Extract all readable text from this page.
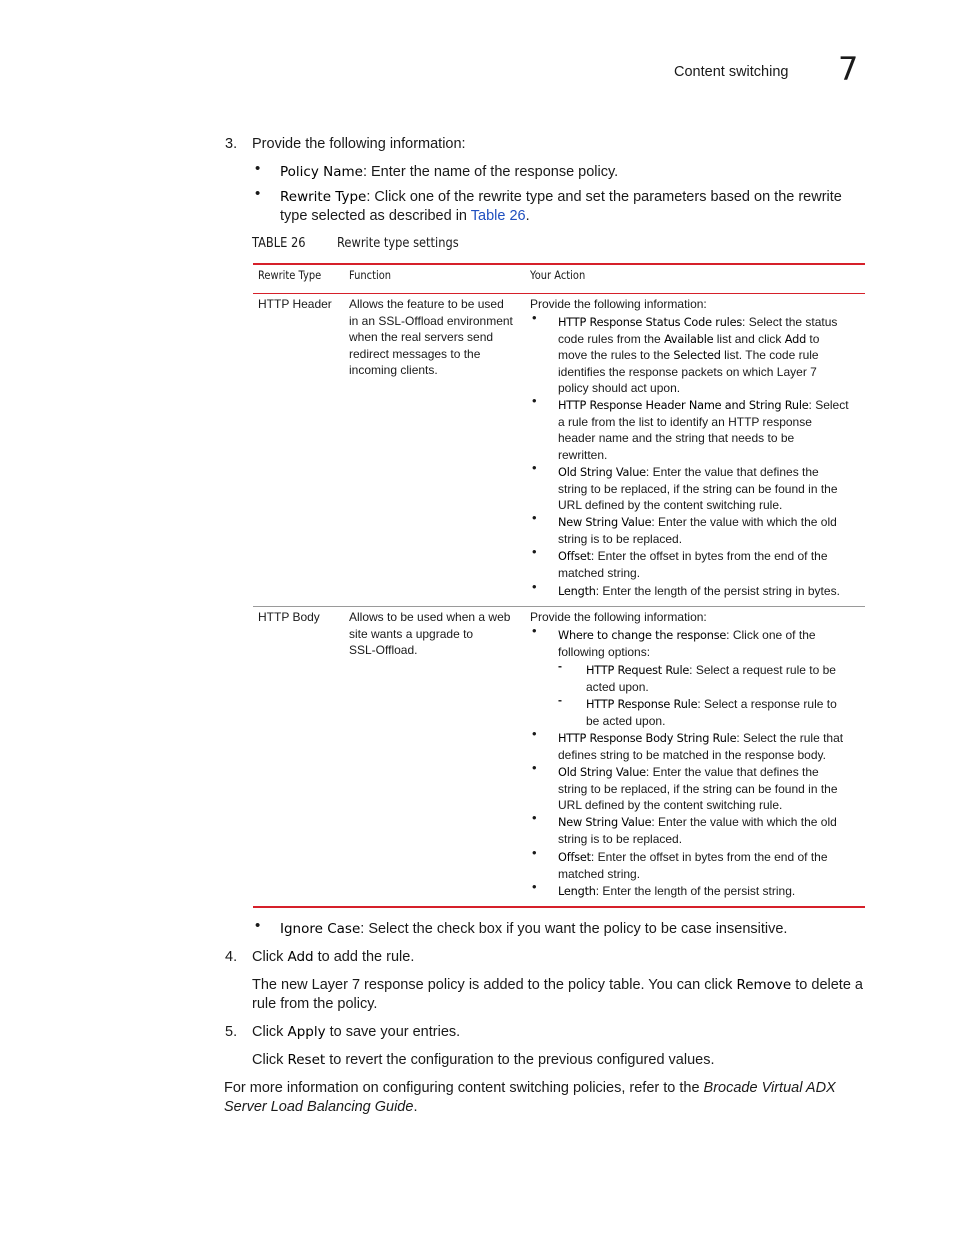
Content switching 7
3. Provide the following information:
• Policy Name: Enter the name of the response policy.
• Rewrite Type: Click one of the rewrite type and set the parameters based on the rewrite
type selected as described in Table 26.
TABLE 26 Rewrite type settings
Rewrite Type Function	Your Action
HTTP Header Allows the feature to be used
in an SSL-Offload environment
when the real servers send
redirect messages to the
incoming clients.
Provide the following information:
• HTTP Response Status Code rules: Select the status
code rules from the Available list and click Add to
move the rules to the Selected list. The code rule
identifies the response packets on which Layer 7
policy should act upon.
• HTTP Response Header Name and String Rule: Select
a rule from the list to identify an HTTP response
header name and the string that needs to be
rewritten.
• Old String Value: Enter the value that defines the
string to be replaced, if the string can be found in the
URL defined by the content switching rule.
• New String Value: Enter the value with which the old
string is to be replaced.
• Offset: Enter the offset in bytes from the end of the
matched string.
• Length: Enter the length of the persist string in bytes.
HTTP Body Allows to be used when a web
site wants a upgrade to
SSL-Offload.
Provide the following information:
• Where to change the response: Click one of the
following options:
- HTTP Request Rule: Select a request rule to be
acted upon.
- HTTP Response Rule: Select a response rule to
be acted upon.
• HTTP Response Body String Rule: Select the rule that
defines string to be matched in the response body.
• Old String Value: Enter the value that defines the
string to be replaced, if the string can be found in the
URL defined by the content switching rule.
• New String Value: Enter the value with which the old
string is to be replaced.
• Offset: Enter the offset in bytes from the end of the
matched string.
• Length: Enter the length of the persist string.
• Ignore Case: Select the check box if you want the policy to be case insensitive.
4. Click Add to add the rule.
The new Layer 7 response policy is added to the policy table. You can click Remove to delete a
rule from the policy.
5. Click Apply to save your entries.
Click Reset to revert the configuration to the previous configured values.
For more information on configuring content switching policies, refer to the Brocade Virtual ADX
Server Load Balancing Guide.
